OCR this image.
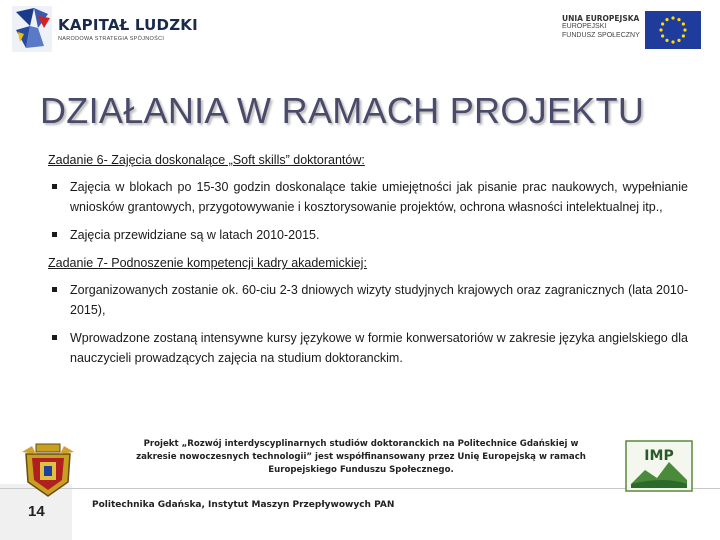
KAPITAŁ LUDZKI
NARODOWA STRATEGIA SPÓJNOŚCI
UNIA EUROPEJSKA
EUROPEJSKI
FUNDUSZ SPOŁECZNY
DZIAŁANIA W RAMACH PROJEKTU
Zadanie 6- Zajęcia doskonalące „Soft skills” doktorantów:
Zajęcia w blokach po 15-30 godzin doskonalące takie umiejętności jak pisanie prac naukowych, wypełnianie wniosków grantowych, przygotowywanie i kosztorysowanie projektów, ochrona własności intelektualnej itp.,
Zajęcia przewidziane są w latach 2010-2015.
Zadanie 7- Podnoszenie kompetencji kadry akademickiej:
Zorganizowanych zostanie ok. 60-ciu 2-3 dniowych wizyty studyjnych krajowych oraz zagranicznych (lata 2010-2015),
Wprowadzone zostaną intensywne kursy językowe w formie konwersatoriów w zakresie języka angielskiego dla nauczycieli prowadzących zajęcia na studium doktoranckim.
14
Projekt „Rozwój interdyscyplinarnych studiów doktoranckich na Politechnice Gdańskiej w
zakresie nowoczesnych technologii” jest współfinansowany przez Unię Europejską w ramach
Europejskiego Funduszu Społecznego.
Politechnika Gdańska, Instytut Maszyn Przepływowych PAN
IMP
